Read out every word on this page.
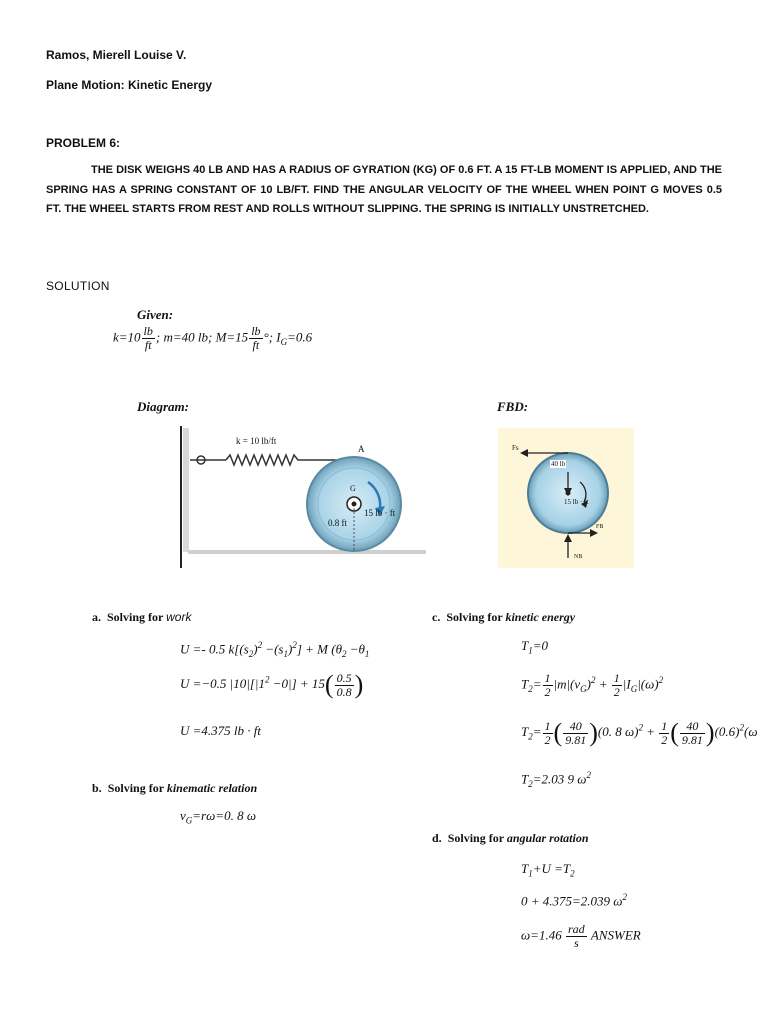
Ramos, Mierell Louise V.
Plane Motion: Kinetic Energy
PROBLEM 6:
THE DISK WEIGHS 40 LB AND HAS A RADIUS OF GYRATION (KG) OF 0.6 FT. A 15 FT-LB MOMENT IS APPLIED, AND THE SPRING HAS A SPRING CONSTANT OF 10 LB/FT. FIND THE ANGULAR VELOCITY OF THE WHEEL WHEN POINT G MOVES 0.5 FT. THE WHEEL STARTS FROM REST AND ROLLS WITHOUT SLIPPING. THE SPRING IS INITIALLY UNSTRETCHED.
SOLUTION
Given:
$k=10 \frac{lb}{ft}$ ; m=40 lb; $M=15 \frac{lb}{ft}$ °; $I_G=0.6$
Diagram:	FBD:
k = 10 lb/ft
A
G
0.8 ft
15 lb · ft
Fs
40 lb
15 lb · ft
FB
NB
a. Solving for work
U =- 0.5 $k[(s_2)^2 -(s_1)^2] + M$ ($\theta_2 -\theta_1$
U =−0.5 $|10|[|1^2 -0|] + 15( \frac{0.5}{0.8}$ )
U =4.375 lb · ft
b. Solving for kinematic relation
$v_G=r\omega=0$. 8 ω
c. Solving for kinetic energy
$T_1=0$
$T_2= \frac{1}{2} |m|(v_G)^2 + \frac{1}{2} |I_G|(\omega)^2$
$T_2= \frac{1}{2}$ ( $\frac{40}{9.81} )(0$. 8 $\omega)^2 + \frac{1}{2}$ ( $\frac{40}{9.81} )(0.6)^2(\omega$
$T_2=2.03$ 9 $\omega^2$
d. Solving for angular rotation
$T_1+U =T_2$
0 + 4.375=2.039 $\omega^2$
$\omega=1.46 \frac{\text{rad}}{s}$ ANSWER
